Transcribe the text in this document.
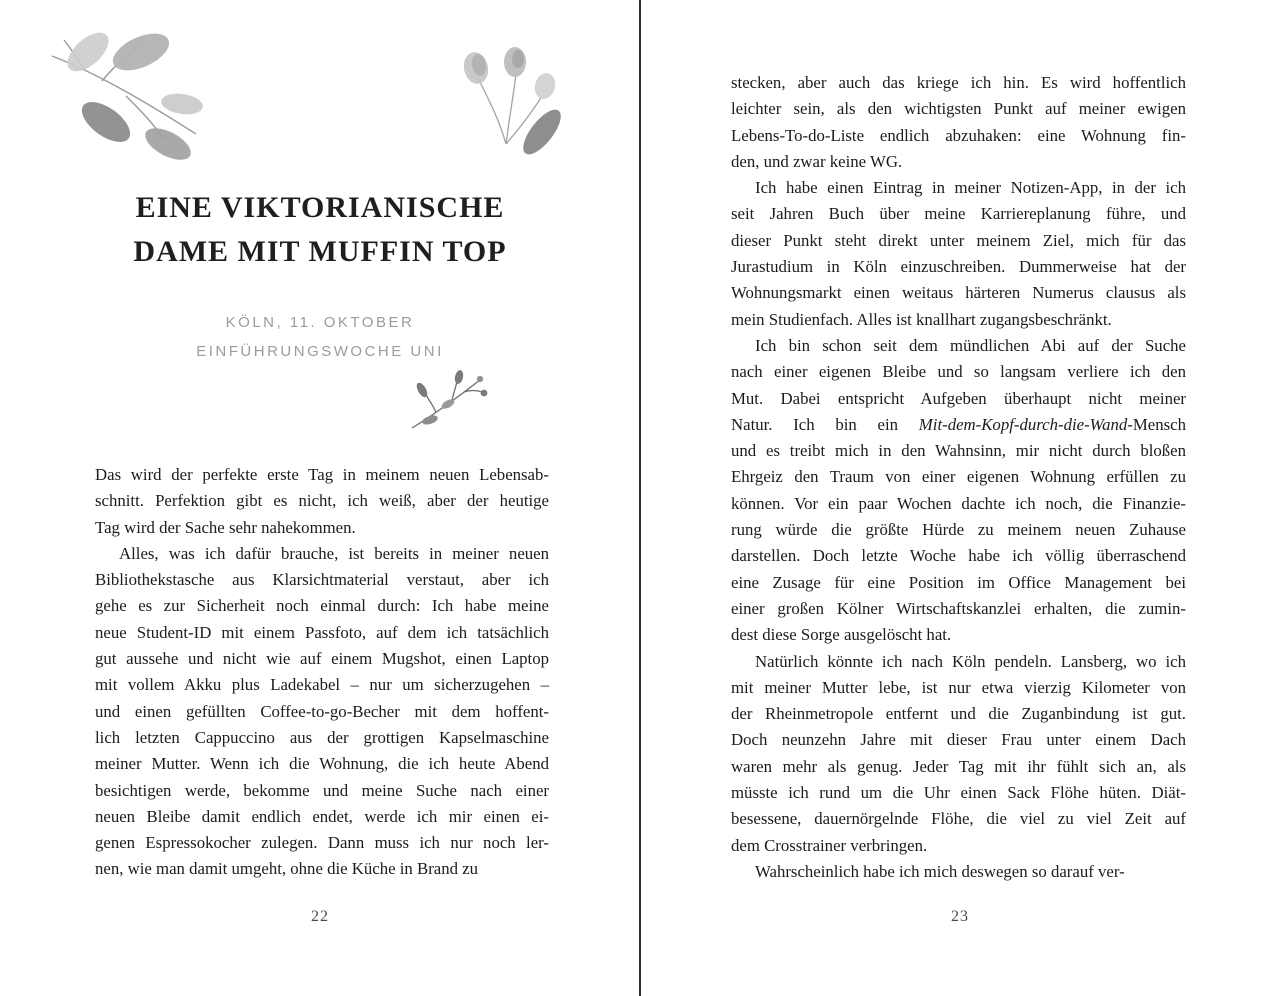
EINE VIKTORIANISCHE
DAME MIT MUFFIN TOP
KÖLN, 11. OKTOBER
EINFÜHRUNGSWOCHE UNI

Das wird der perfekte erste Tag in meinem neuen Lebensab-
schnitt. Perfektion gibt es nicht, ich weiß, aber der heutige
Tag wird der Sache sehr nahekommen.

Alles, was ich dafür brauche, ist bereits in meiner neuen
Bibliothekstasche aus Klarsichtmaterial verstaut, aber ich
gehe es zur Sicherheit noch einmal durch: Ich habe meine
neue Student-ID mit einem Passfoto, auf dem ich tatsächlich
gut aussehe und nicht wie auf einem Mugshot, einen Laptop
mit vollem Akku plus Ladekabel – nur um sicherzugehen –
und einen gefüllten Coffee-to-go-Becher mit dem hoffent-
lich letzten Cappuccino aus der grottigen Kapselmaschine
meiner Mutter. Wenn ich die Wohnung, die ich heute Abend
besichtigen werde, bekomme und meine Suche nach einer
neuen Bleibe damit endlich endet, werde ich mir einen ei-
genen Espressokocher zulegen. Dann muss ich nur noch ler-
nen, wie man damit umgeht, ohne die Küche in Brand zu

22

stecken, aber auch das kriege ich hin. Es wird hoffentlich
leichter sein, als den wichtigsten Punkt auf meiner ewigen
Lebens-To-do-Liste endlich abzuhaken: eine Wohnung fin-
den, und zwar keine WG.

Ich habe einen Eintrag in meiner Notizen-App, in der ich
seit Jahren Buch über meine Karriereplanung führe, und
dieser Punkt steht direkt unter meinem Ziel, mich für das
Jurastudium in Köln einzuschreiben. Dummerweise hat der
Wohnungsmarkt einen weitaus härteren Numerus clausus als
mein Studienfach. Alles ist knallhart zugangsbeschränkt.

Ich bin schon seit dem mündlichen Abi auf der Suche
nach einer eigenen Bleibe und so langsam verliere ich den
Mut. Dabei entspricht Aufgeben überhaupt nicht meiner
Natur. Ich bin ein Mit-dem-Kopf-durch-die-Wand-Mensch
und es treibt mich in den Wahnsinn, mir nicht durch bloßen
Ehrgeiz den Traum von einer eigenen Wohnung erfüllen zu
können. Vor ein paar Wochen dachte ich noch, die Finanzie-
rung würde die größte Hürde zu meinem neuen Zuhause
darstellen. Doch letzte Woche habe ich völlig überraschend
eine Zusage für eine Position im Office Management bei
einer großen Kölner Wirtschaftskanzlei erhalten, die zumin-
dest diese Sorge ausgelöscht hat.

Natürlich könnte ich nach Köln pendeln. Lansberg, wo ich
mit meiner Mutter lebe, ist nur etwa vierzig Kilometer von
der Rheinmetropole entfernt und die Zuganbindung ist gut.
Doch neunzehn Jahre mit dieser Frau unter einem Dach
waren mehr als genug. Jeder Tag mit ihr fühlt sich an, als
müsste ich rund um die Uhr einen Sack Flöhe hüten. Diät-
besessene, dauernörgelnde Flöhe, die viel zu viel Zeit auf
dem Crosstrainer verbringen.

Wahrscheinlich habe ich mich deswegen so darauf ver-

23
